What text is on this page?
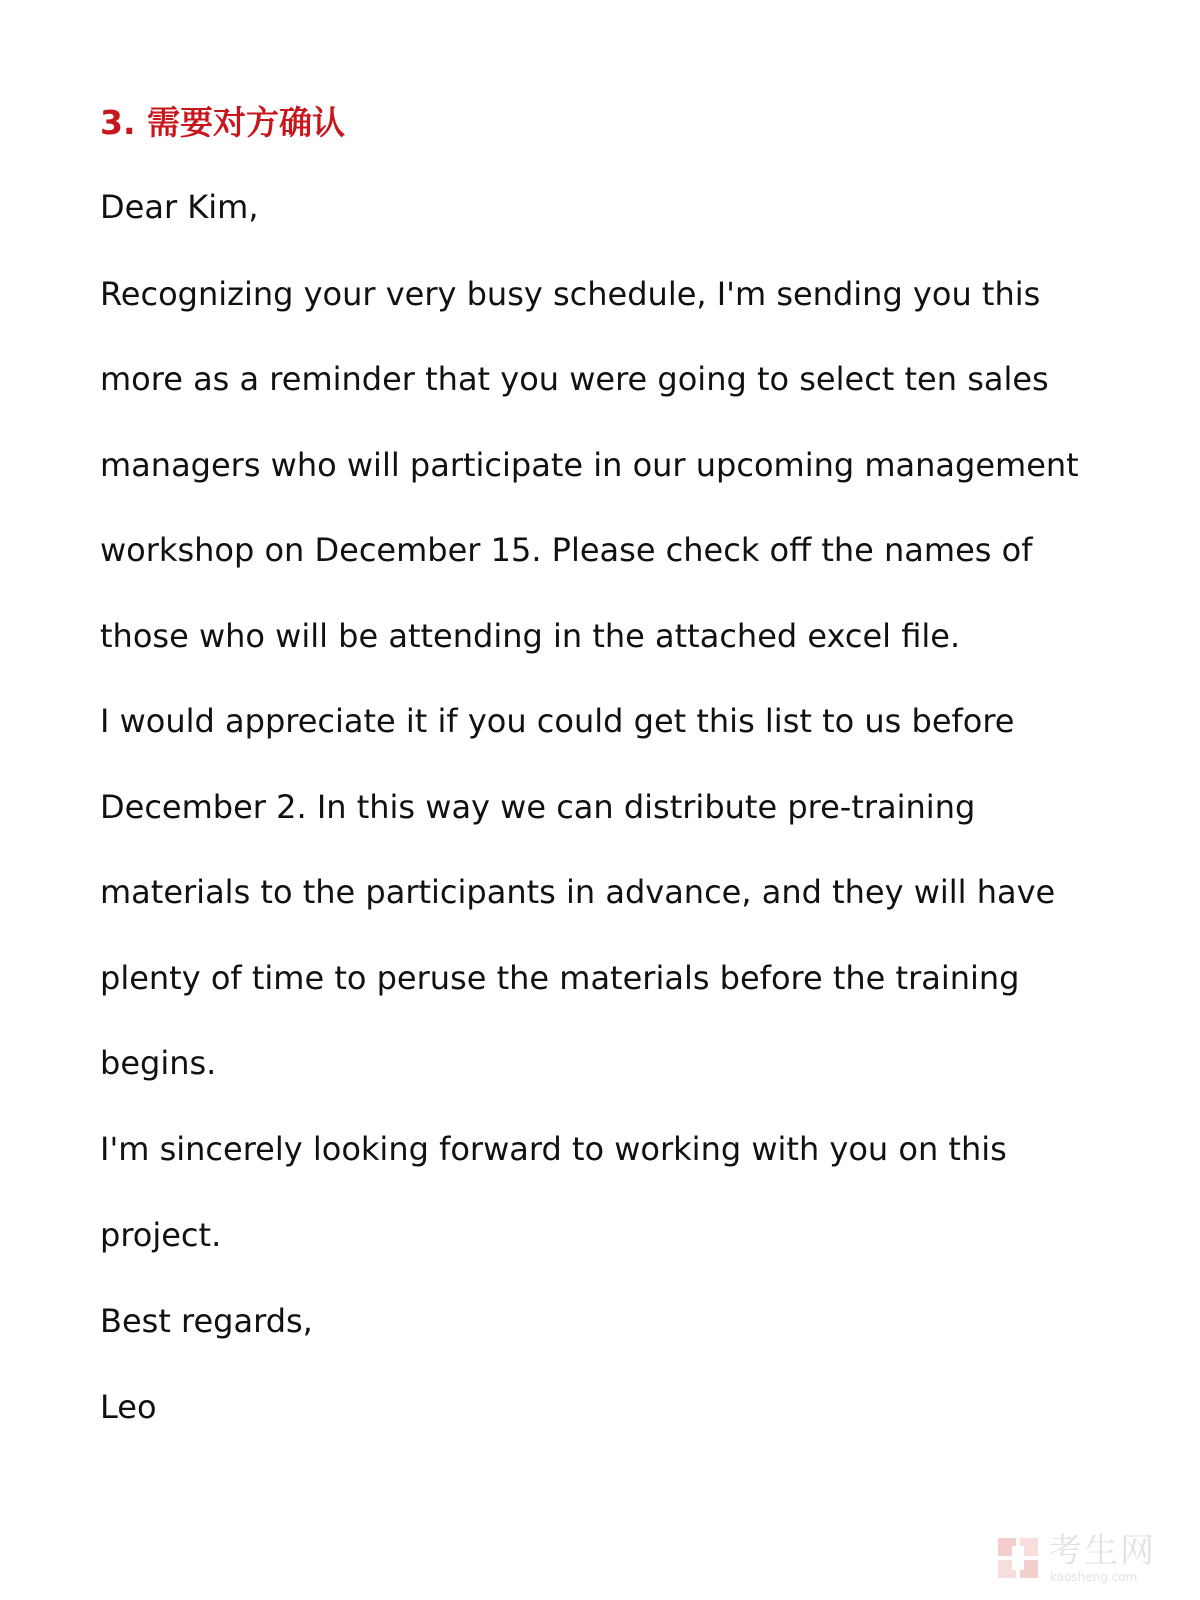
3. 需要对方确认
Dear Kim,
Recognizing your very busy schedule, I'm sending you this
more as a reminder that you were going to select ten sales
managers who will participate in our upcoming management
workshop on December 15. Please check off the names of
those who will be attending in the attached excel file.
I would appreciate it if you could get this list to us before
December 2. In this way we can distribute pre-training
materials to the participants in advance, and they will have
plenty of time to peruse the materials before the training
begins.
I'm sincerely looking forward to working with you on this
project.
Best regards,
Leo
考生网
kaosheng.com
